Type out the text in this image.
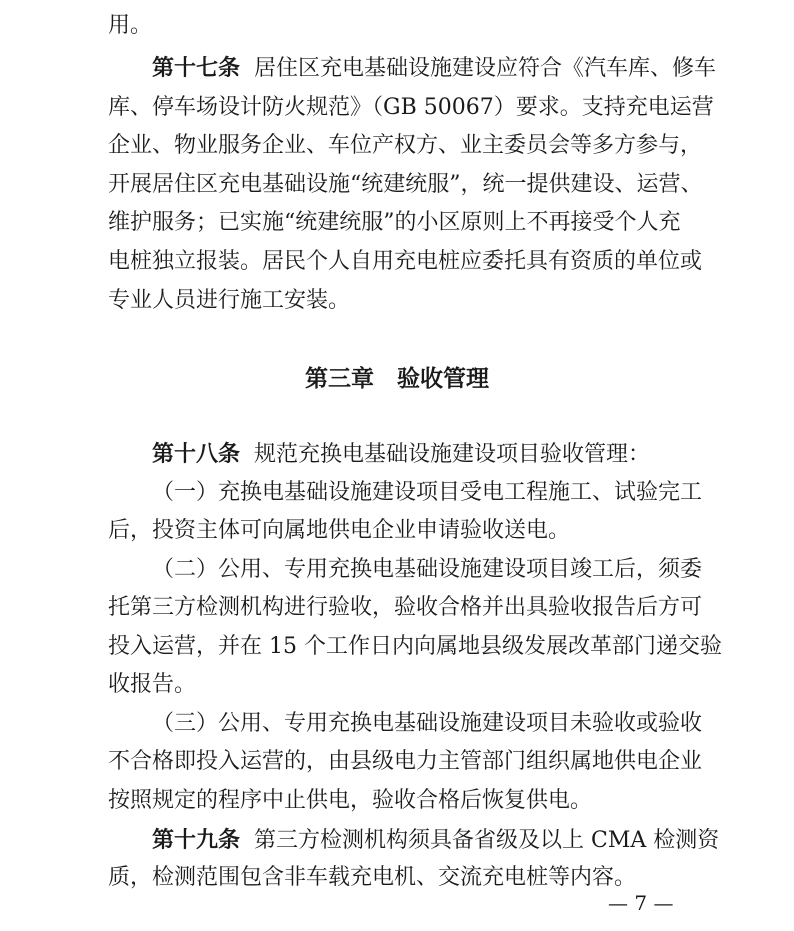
用。
第十七条 居住区充电基础设施建设应符合《汽车库、修车
库、停车场设计防火规范》（GB 50067）要求。支持充电运营
企业、物业服务企业、车位产权方、业主委员会等多方参与，
开展居住区充电基础设施“统建统服”，统一提供建设、运营、
维护服务；已实施“统建统服”的小区原则上不再接受个人充
电桩独立报装。居民个人自用充电桩应委托具有资质的单位或
专业人员进行施工安装。
第三章　验收管理
第十八条 规范充换电基础设施建设项目验收管理：
（一）充换电基础设施建设项目受电工程施工、试验完工
后，投资主体可向属地供电企业申请验收送电。
（二）公用、专用充换电基础设施建设项目竣工后，须委
托第三方检测机构进行验收，验收合格并出具验收报告后方可
投入运营，并在 15 个工作日内向属地县级发展改革部门递交验
收报告。
（三）公用、专用充换电基础设施建设项目未验收或验收
不合格即投入运营的，由县级电力主管部门组织属地供电企业
按照规定的程序中止供电，验收合格后恢复供电。
第十九条 第三方检测机构须具备省级及以上 CMA 检测资
质，检测范围包含非车载充电机、交流充电桩等内容。
— 7 —
